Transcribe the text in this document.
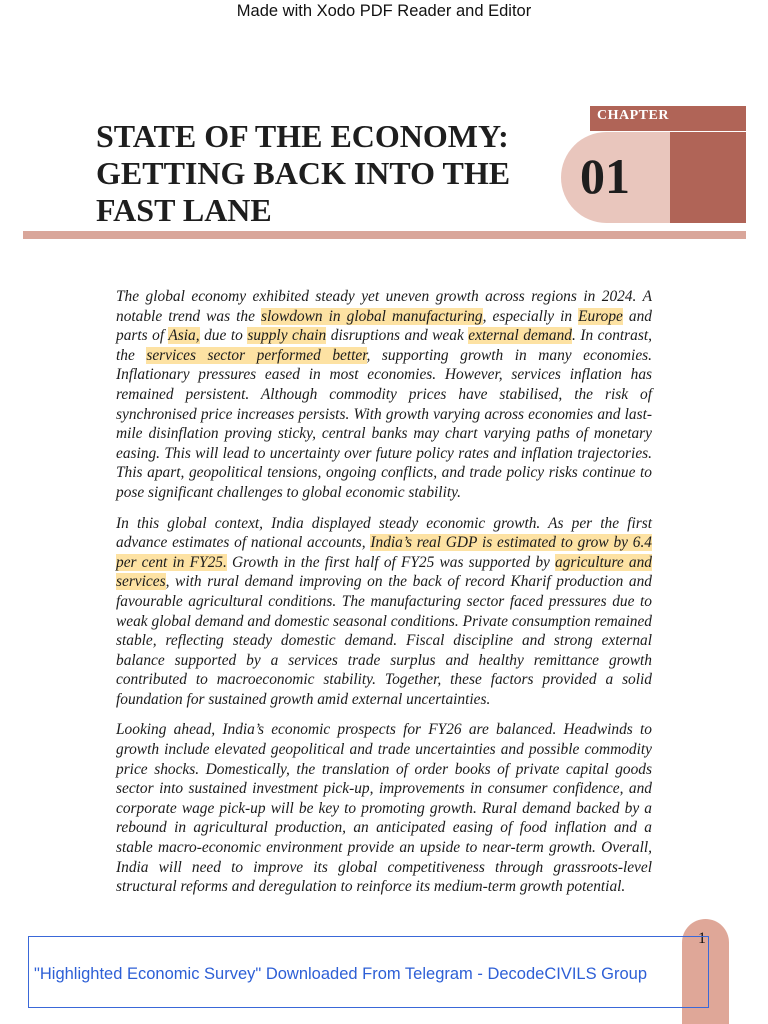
Made with Xodo PDF Reader and Editor
STATE OF THE ECONOMY:
GETTING BACK INTO THE
FAST LANE
CHAPTER
01

The global economy exhibited steady yet uneven growth across regions in 2024. A notable trend was the slowdown in global manufacturing, especially in Europe and parts of Asia, due to supply chain disruptions and weak external demand. In contrast, the services sector performed better, supporting growth in many economies. Inflationary pressures eased in most economies. However, services inflation has remained persistent. Although commodity prices have stabilised, the risk of synchronised price increases persists. With growth varying across economies and last-mile disinflation proving sticky, central banks may chart varying paths of monetary easing. This will lead to uncertainty over future policy rates and inflation trajectories. This apart, geopolitical tensions, ongoing conflicts, and trade policy risks continue to pose significant challenges to global economic stability.

In this global context, India displayed steady economic growth. As per the first advance estimates of national accounts, India’s real GDP is estimated to grow by 6.4 per cent in FY25. Growth in the first half of FY25 was supported by agriculture and services, with rural demand improving on the back of record Kharif production and favourable agricultural conditions. The manufacturing sector faced pressures due to weak global demand and domestic seasonal conditions. Private consumption remained stable, reflecting steady domestic demand. Fiscal discipline and strong external balance supported by a services trade surplus and healthy remittance growth contributed to macroeconomic stability. Together, these factors provided a solid foundation for sustained growth amid external uncertainties.

Looking ahead, India’s economic prospects for FY26 are balanced. Headwinds to growth include elevated geopolitical and trade uncertainties and possible commodity price shocks. Domestically, the translation of order books of private capital goods sector into sustained investment pick-up, improvements in consumer confidence, and corporate wage pick-up will be key to promoting growth. Rural demand backed by a rebound in agricultural production, an anticipated easing of food inflation and a stable macro-economic environment provide an upside to near-term growth. Overall, India will need to improve its global competitiveness through grassroots-level structural reforms and deregulation to reinforce its medium-term growth potential.

1
"Highlighted Economic Survey" Downloaded From Telegram - DecodeCIVILS Group
